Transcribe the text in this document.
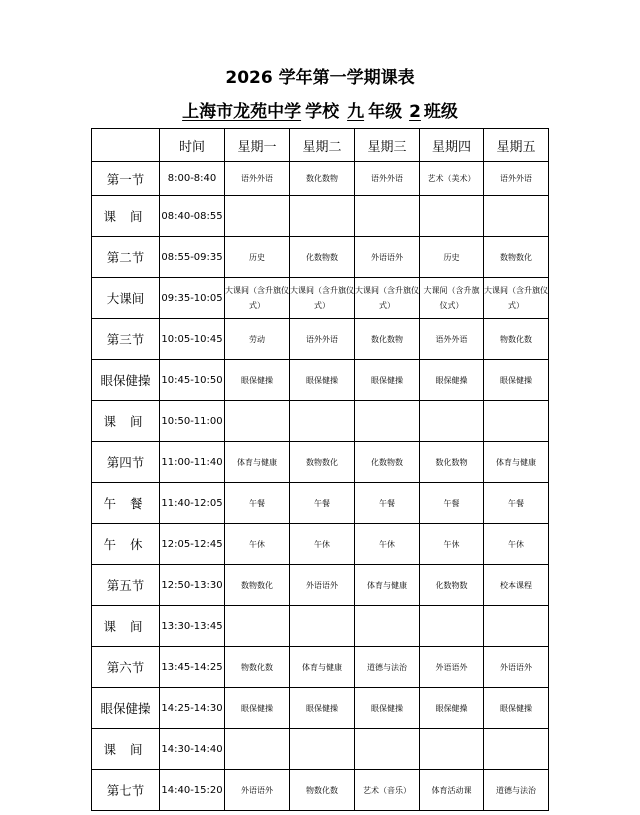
2026 学年第一学期课表
上海市龙苑中学 学校 九 年级 2 班级
	时间	星期一	星期二	星期三	星期四	星期五
第一节	8:00-8:40	语外外语	数化数物	语外外语	艺术（美术）	语外外语
课 间	08:40-08:55					
第二节	08:55-09:35	历史	化数物数	外语语外	历史	数物数化
大课间	09:35-10:05	大课间（含升旗仪式）	大课间（含升旗仪式）	大课间（含升旗仪式）	大课间（含升旗仪式）	大课间（含升旗仪式）
第三节	10:05-10:45	劳动	语外外语	数化数物	语外外语	物数化数
眼保健操	10:45-10:50	眼保健操	眼保健操	眼保健操	眼保健操	眼保健操
课 间	10:50-11:00					
第四节	11:00-11:40	体育与健康	数物数化	化数物数	数化数物	体育与健康
午 餐	11:40-12:05	午餐	午餐	午餐	午餐	午餐
午 休	12:05-12:45	午休	午休	午休	午休	午休
第五节	12:50-13:30	数物数化	外语语外	体育与健康	化数物数	校本课程
课 间	13:30-13:45					
第六节	13:45-14:25	物数化数	体育与健康	道德与法治	外语语外	外语语外
眼保健操	14:25-14:30	眼保健操	眼保健操	眼保健操	眼保健操	眼保健操
课 间	14:30-14:40					
第七节	14:40-15:20	外语语外	物数化数	艺术（音乐）	体育活动课	道德与法治
